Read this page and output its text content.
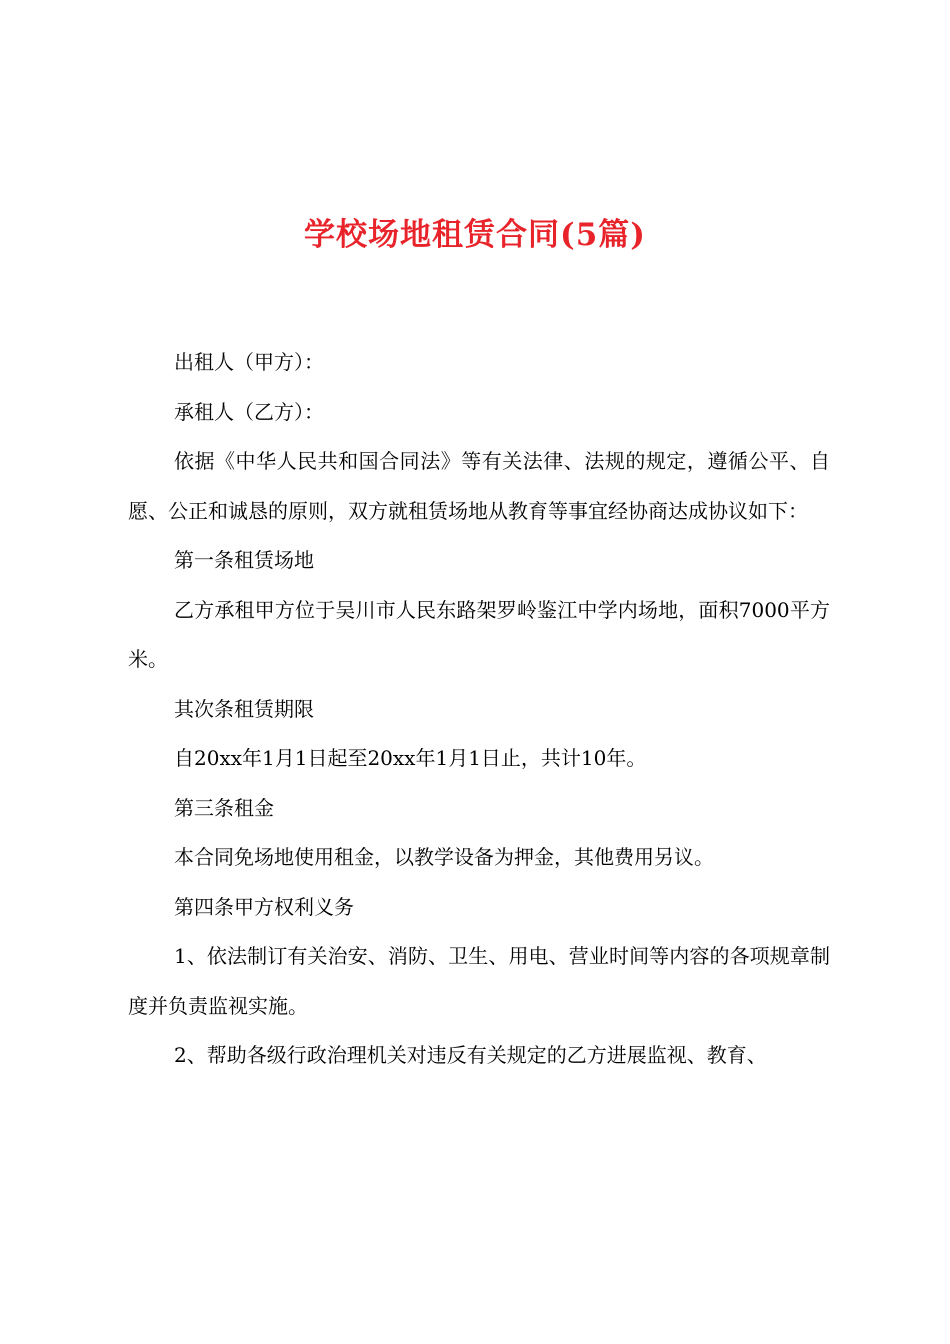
学校场地租赁合同(5篇)

出租人（甲方）：

承租人（乙方）：

依据《中华人民共和国合同法》等有关法律、法规的规定，遵循公平、自愿、公正和诚恳的原则，双方就租赁场地从教育等事宜经协商达成协议如下：

第一条租赁场地

乙方承租甲方位于吴川市人民东路架罗岭鉴江中学内场地，面积7000平方米。

其次条租赁期限

自20xx年1月1日起至20xx年1月1日止，共计10年。

第三条租金

本合同免场地使用租金，以教学设备为押金，其他费用另议。

第四条甲方权利义务

1、依法制订有关治安、消防、卫生、用电、营业时间等内容的各项规章制度并负责监视实施。

2、帮助各级行政治理机关对违反有关规定的乙方进展监视、教育、
